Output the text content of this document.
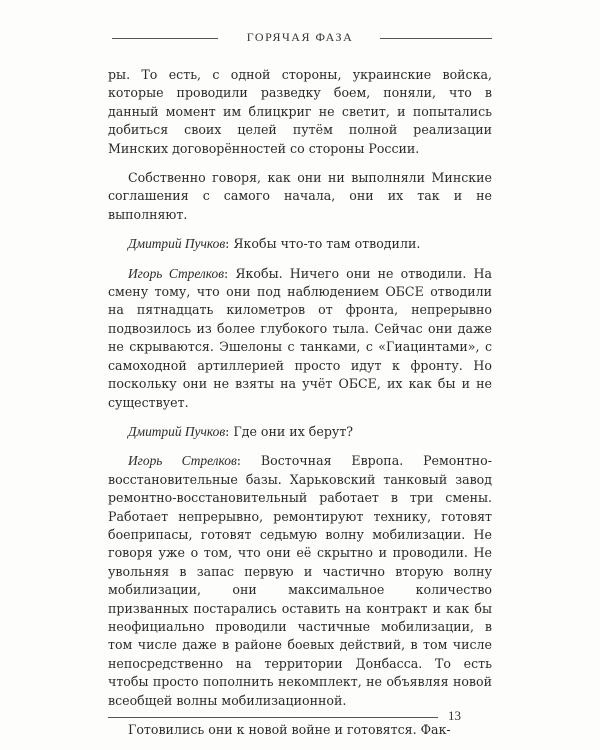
ГОРЯЧАЯ ФАЗА

ры. То есть, с одной стороны, украинские войска, которые проводили разведку боем, поняли, что в данный момент им блицкриг не светит, и попытались добиться своих целей путём полной реализации Минских договорённостей со стороны России.

Собственно говоря, как они ни выполняли Минские соглашения с самого начала, они их так и не выполняют.

Дмитрий Пучков: Якобы что-то там отводили.

Игорь Стрелков: Якобы. Ничего они не отводили. На смену тому, что они под наблюдением ОБСЕ отводили на пятнадцать километров от фронта, непрерывно подвозилось из более глубокого тыла. Сейчас они даже не скрываются. Эшелоны с танками, с «Гиацинтами», с самоходной артиллерией просто идут к фронту. Но поскольку они не взяты на учёт ОБСЕ, их как бы и не существует.

Дмитрий Пучков: Где они их берут?

Игорь Стрелков: Восточная Европа. Ремонтно-восстановительные базы. Харьковский танковый завод ремонтно-восстановительный работает в три смены. Работает непрерывно, ремонтируют технику, готовят боеприпасы, готовят седьмую волну мобилизации. Не говоря уже о том, что они её скрытно и проводили. Не увольняя в запас первую и частично вторую волну мобилизации, они максимальное количество призванных постарались оставить на контракт и как бы неофициально проводили частичные мобилизации, в том числе даже в районе боевых действий, в том числе непосредственно на территории Донбасса. То есть чтобы просто пополнить некомплект, не объявляя новой всеобщей волны мобилизационной.

Готовились они к новой войне и готовятся. Фак-

13
